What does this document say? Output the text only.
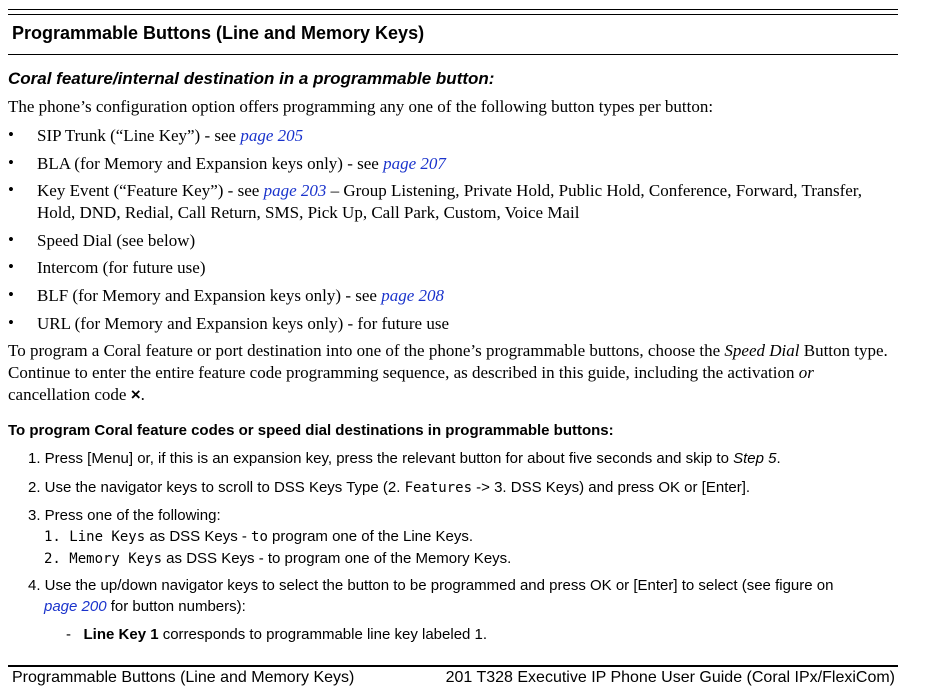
Programmable Buttons (Line and Memory Keys)
Coral feature/internal destination in a programmable button:
The phone’s configuration option offers programming any one of the following button types per button:
• SIP Trunk (“Line Key”) - see page 205
• BLA (for Memory and Expansion keys only) - see page 207
• Key Event (“Feature Key”) - see page 203 – Group Listening, Private Hold, Public Hold, Conference, Forward, Transfer, Hold, DND, Redial, Call Return, SMS, Pick Up, Call Park, Custom, Voice Mail
• Speed Dial (see below)
• Intercom (for future use)
• BLF (for Memory and Expansion keys only) - see page 208
• URL (for Memory and Expansion keys only) - for future use
To program a Coral feature or port destination into one of the phone’s programmable buttons, choose the Speed Dial Button type. Continue to enter the entire feature code programming sequence, as described in this guide, including the activation or cancellation code ×.
To program Coral feature codes or speed dial destinations in programmable buttons:
1. Press [Menu] or, if this is an expansion key, press the relevant button for about five seconds and skip to Step 5.
2. Use the navigator keys to scroll to DSS Keys Type (2. Features -> 3. DSS Keys) and press OK or [Enter].
3. Press one of the following:
1. Line Keys as DSS Keys - to program one of the Line Keys.
2. Memory Keys as DSS Keys - to program one of the Memory Keys.
4. Use the up/down navigator keys to select the button to be programmed and press OK or [Enter] to select (see figure on
page 200 for button numbers):
- Line Key 1 corresponds to programmable line key labeled 1.
Programmable Buttons (Line and Memory Keys)	201 T328 Executive IP Phone User Guide (Coral IPx/FlexiCom)
